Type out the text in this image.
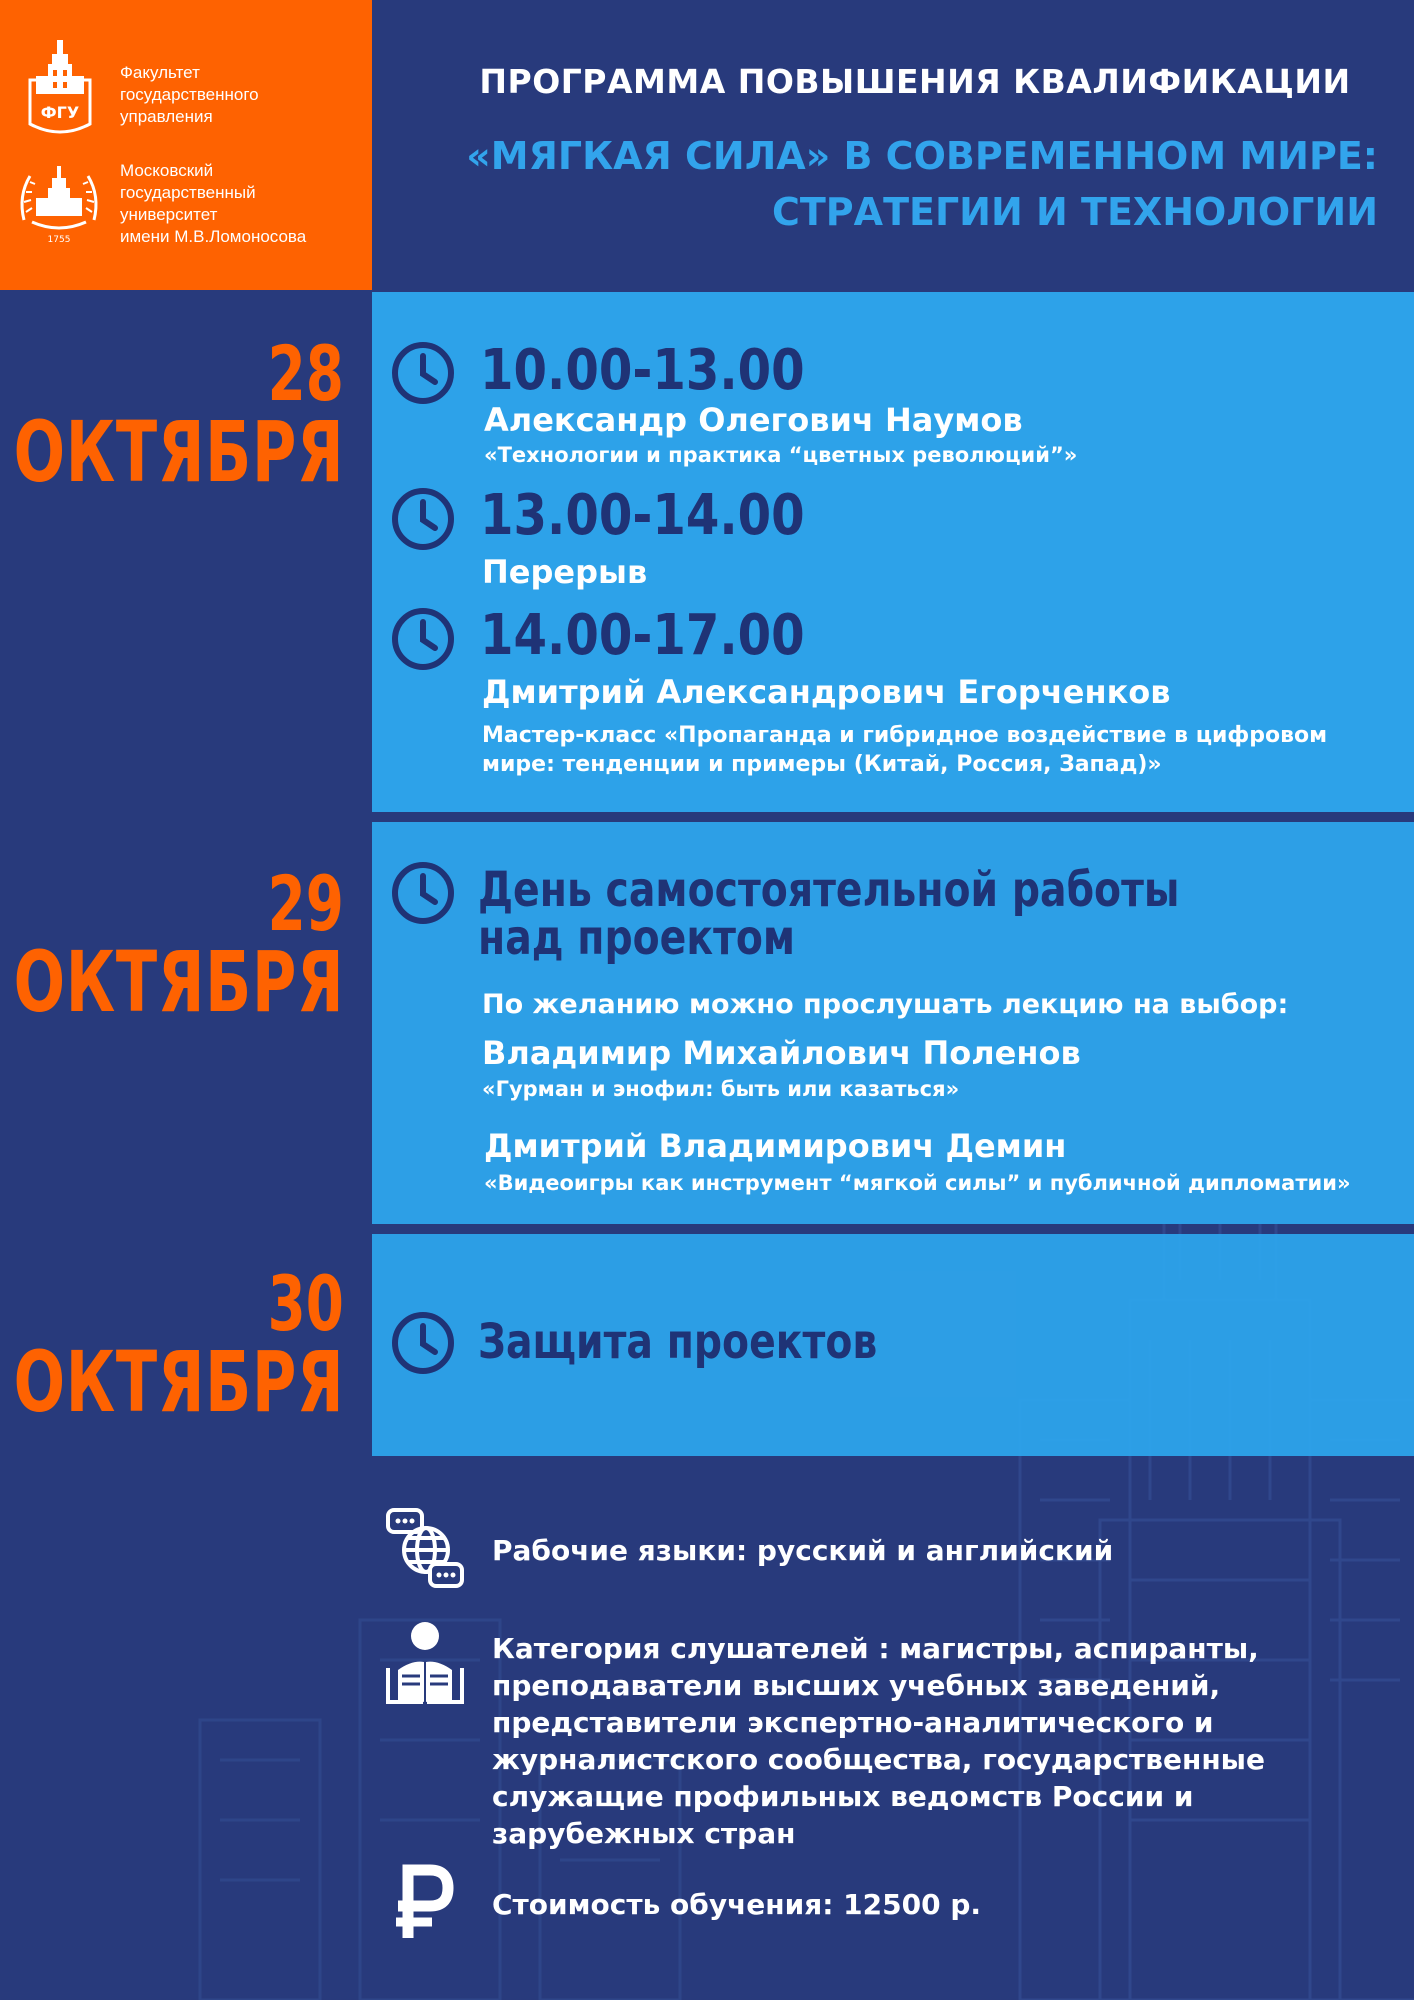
ФГУ
Факультет
государственного
управления
1755
Московский
государственный
университет
имени М.В.Ломоносова
ПРОГРАММА ПОВЫШЕНИЯ КВАЛИФИКАЦИИ
«МЯГКАЯ СИЛА» В СОВРЕМЕННОМ МИРЕ:
СТРАТЕГИИ И ТЕХНОЛОГИИ
28
ОКТЯБРЯ
10.00-13.00
Александр Олегович Наумов
«Технологии и практика “цветных революций”»
13.00-14.00
Перерыв
14.00-17.00
Дмитрий Александрович Егорченков
Мастер-класс «Пропаганда и гибридное воздействие в цифровом мире: тенденции и примеры (Китай, Россия, Запад)»
29
ОКТЯБРЯ
День самостоятельной работы
над проектом
По желанию можно прослушать лекцию на выбор:
Владимир Михайлович Поленов
«Гурман и энофил: быть или казаться»
Дмитрий Владимирович Демин
«Видеоигры как инструмент “мягкой силы” и публичной дипломатии»
30
ОКТЯБРЯ	Защита проектов
Рабочие языки: русский и английский
Категория слушателей : магистры, аспиранты, преподаватели высших учебных заведений, представители экспертно-аналитического и журналистского сообщества, государственные служащие профильных ведомств России и зарубежных стран
Стоимость обучения: 12500 р.
